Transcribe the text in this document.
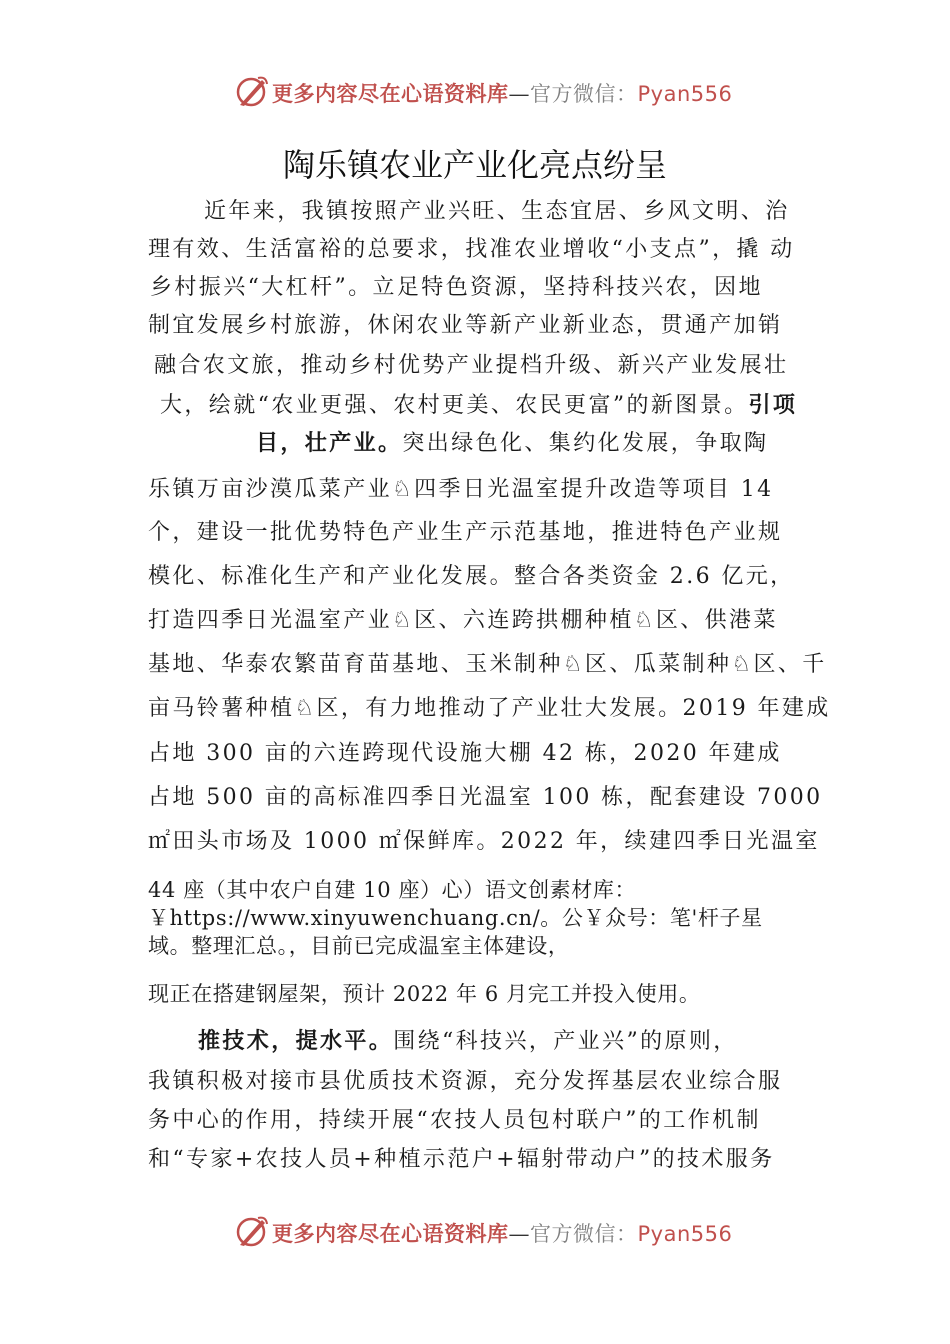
更多内容尽在心语资料库—官方微信：Pyan556
陶乐镇农业产业化亮点纷呈
近年来，我镇按照产业兴旺、生态宜居、乡风文明、治
理有效、生活富裕的总要求，找准农业增收“小支点”，撬 动
乡村振兴“大杠杆”。立足特色资源，坚持科技兴农，因地
制宜发展乡村旅游，休闲农业等新产业新业态，贯通产加销
融合农文旅，推动乡村优势产业提档升级、新兴产业发展壮
大，绘就“农业更强、农村更美、农民更富”的新图景。引项
目，壮产业。突出绿色化、集约化发展，争取陶
乐镇万亩沙漠瓜菜产业♘四季日光温室提升改造等项目 14
个，建设一批优势特色产业生产示范基地，推进特色产业规
模化、标准化生产和产业化发展。整合各类资金 2.6 亿元，
打造四季日光温室产业♘区、六连跨拱棚种植♘区、供港菜
基地、华泰农繁苗育苗基地、玉米制种♘区、瓜菜制种♘区、千
亩马铃薯种植♘区，有力地推动了产业壮大发展。2019 年建成
占地 300 亩的六连跨现代设施大棚 42 栋，2020 年建成
占地 500 亩的高标准四季日光温室 100 栋，配套建设 7000
㎡田头市场及 1000 ㎡保鲜库。2022 年，续建四季日光温室
44 座（其中农户自建 10 座）心）语文创素材库：
￥https://www.xinyuwenchuang.cn/。公￥众号：笔'杆子星
域。整理汇总。，目前已完成温室主体建设，
现正在搭建钢屋架，预计 2022 年 6 月完工并投入使用。
推技术，提水平。围绕“科技兴，产业兴”的原则，
我镇积极对接市县优质技术资源，充分发挥基层农业综合服
务中心的作用，持续开展“农技人员包村联户”的工作机制
和“专家+农技人员+种植示范户+辐射带动户”的技术服务
更多内容尽在心语资料库—官方微信：Pyan556
